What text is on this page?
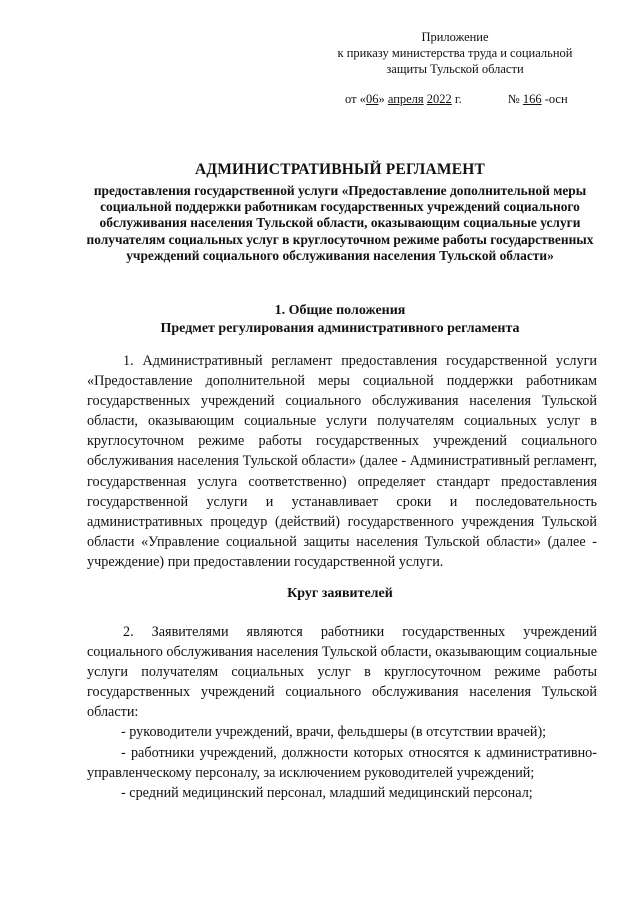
Приложение
к приказу министерства труда и социальной
защиты Тульской области
от «06» апреля 2022 г.	№ 166 -осн
АДМИНИСТРАТИВНЫЙ РЕГЛАМЕНТ
предоставления государственной услуги «Предоставление дополнительной меры социальной поддержки работникам государственных учреждений социального обслуживания населения Тульской области, оказывающим социальные услуги получателям социальных услуг в круглосуточном режиме работы государственных учреждений социального обслуживания населения Тульской области»
1. Общие положения
Предмет регулирования административного регламента

1. Административный регламент предоставления государственной услуги «Предоставление дополнительной меры социальной поддержки работникам государственных учреждений социального обслуживания населения Тульской области, оказывающим социальные услуги получателям социальных услуг в круглосуточном режиме работы государственных учреждений социального обслуживания населения Тульской области» (далее - Административный регламент, государственная услуга соответственно) определяет стандарт предоставления государственной услуги и устанавливает сроки и последовательность административных процедур (действий) государственного учреждения Тульской области «Управление социальной защиты населения Тульской области» (далее - учреждение) при предоставлении государственной услуги.

Круг заявителей

2. Заявителями являются работники государственных учреждений социального обслуживания населения Тульской области, оказывающим социальные услуги получателям социальных услуг в круглосуточном режиме работы государственных учреждений социального обслуживания населения Тульской области:

- руководители учреждений, врачи, фельдшеры (в отсутствии врачей);

- работники учреждений, должности которых относятся к административно-управленческому персоналу, за исключением руководителей учреждений;

- средний медицинский персонал, младший медицинский персонал;
